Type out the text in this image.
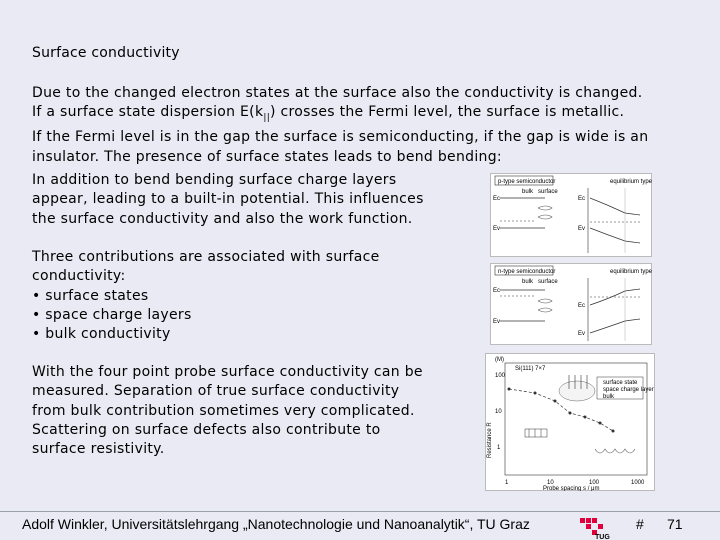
Surface conductivity
Due to the changed electron states at the surface also the conductivity is changed.
If a surface state dispersion $E(k_{||})$ crosses the Fermi level, the surface is metallic.
If the Fermi level is in the gap the surface is semiconducting, if the gap is wide is an
insulator. The presence of surface states leads to bend bending:
In addition to bend bending surface charge layers
appear, leading to a built-in potential. This influences
the surface conductivity and also the work function.
Three contributions are associated with surface
conductivity:
• surface states
• space charge layers
• bulk conductivity
With the four point probe surface conductivity can be
measured. Separation of true surface conductivity
from bulk contribution sometimes very complicated.
Scattering on surface defects also contribute to
surface resistivity.
p-type semiconductor	equilibrium type
bulk surface
Ec
Ev
Ec
Ev
n-type semiconductor	equilibrium type
bulk surface
Ec
Ev
Ec
Ev
(M)
Si(111) 7×7
100
10
1
Resistance R
surface state
space charge layer
bulk
1	10	100	1000
Probe spacing s / μm
Adolf Winkler, Universitätslehrgang „Nanotechnologie und Nanoanalytik“, TU Graz
TUG
# 71
